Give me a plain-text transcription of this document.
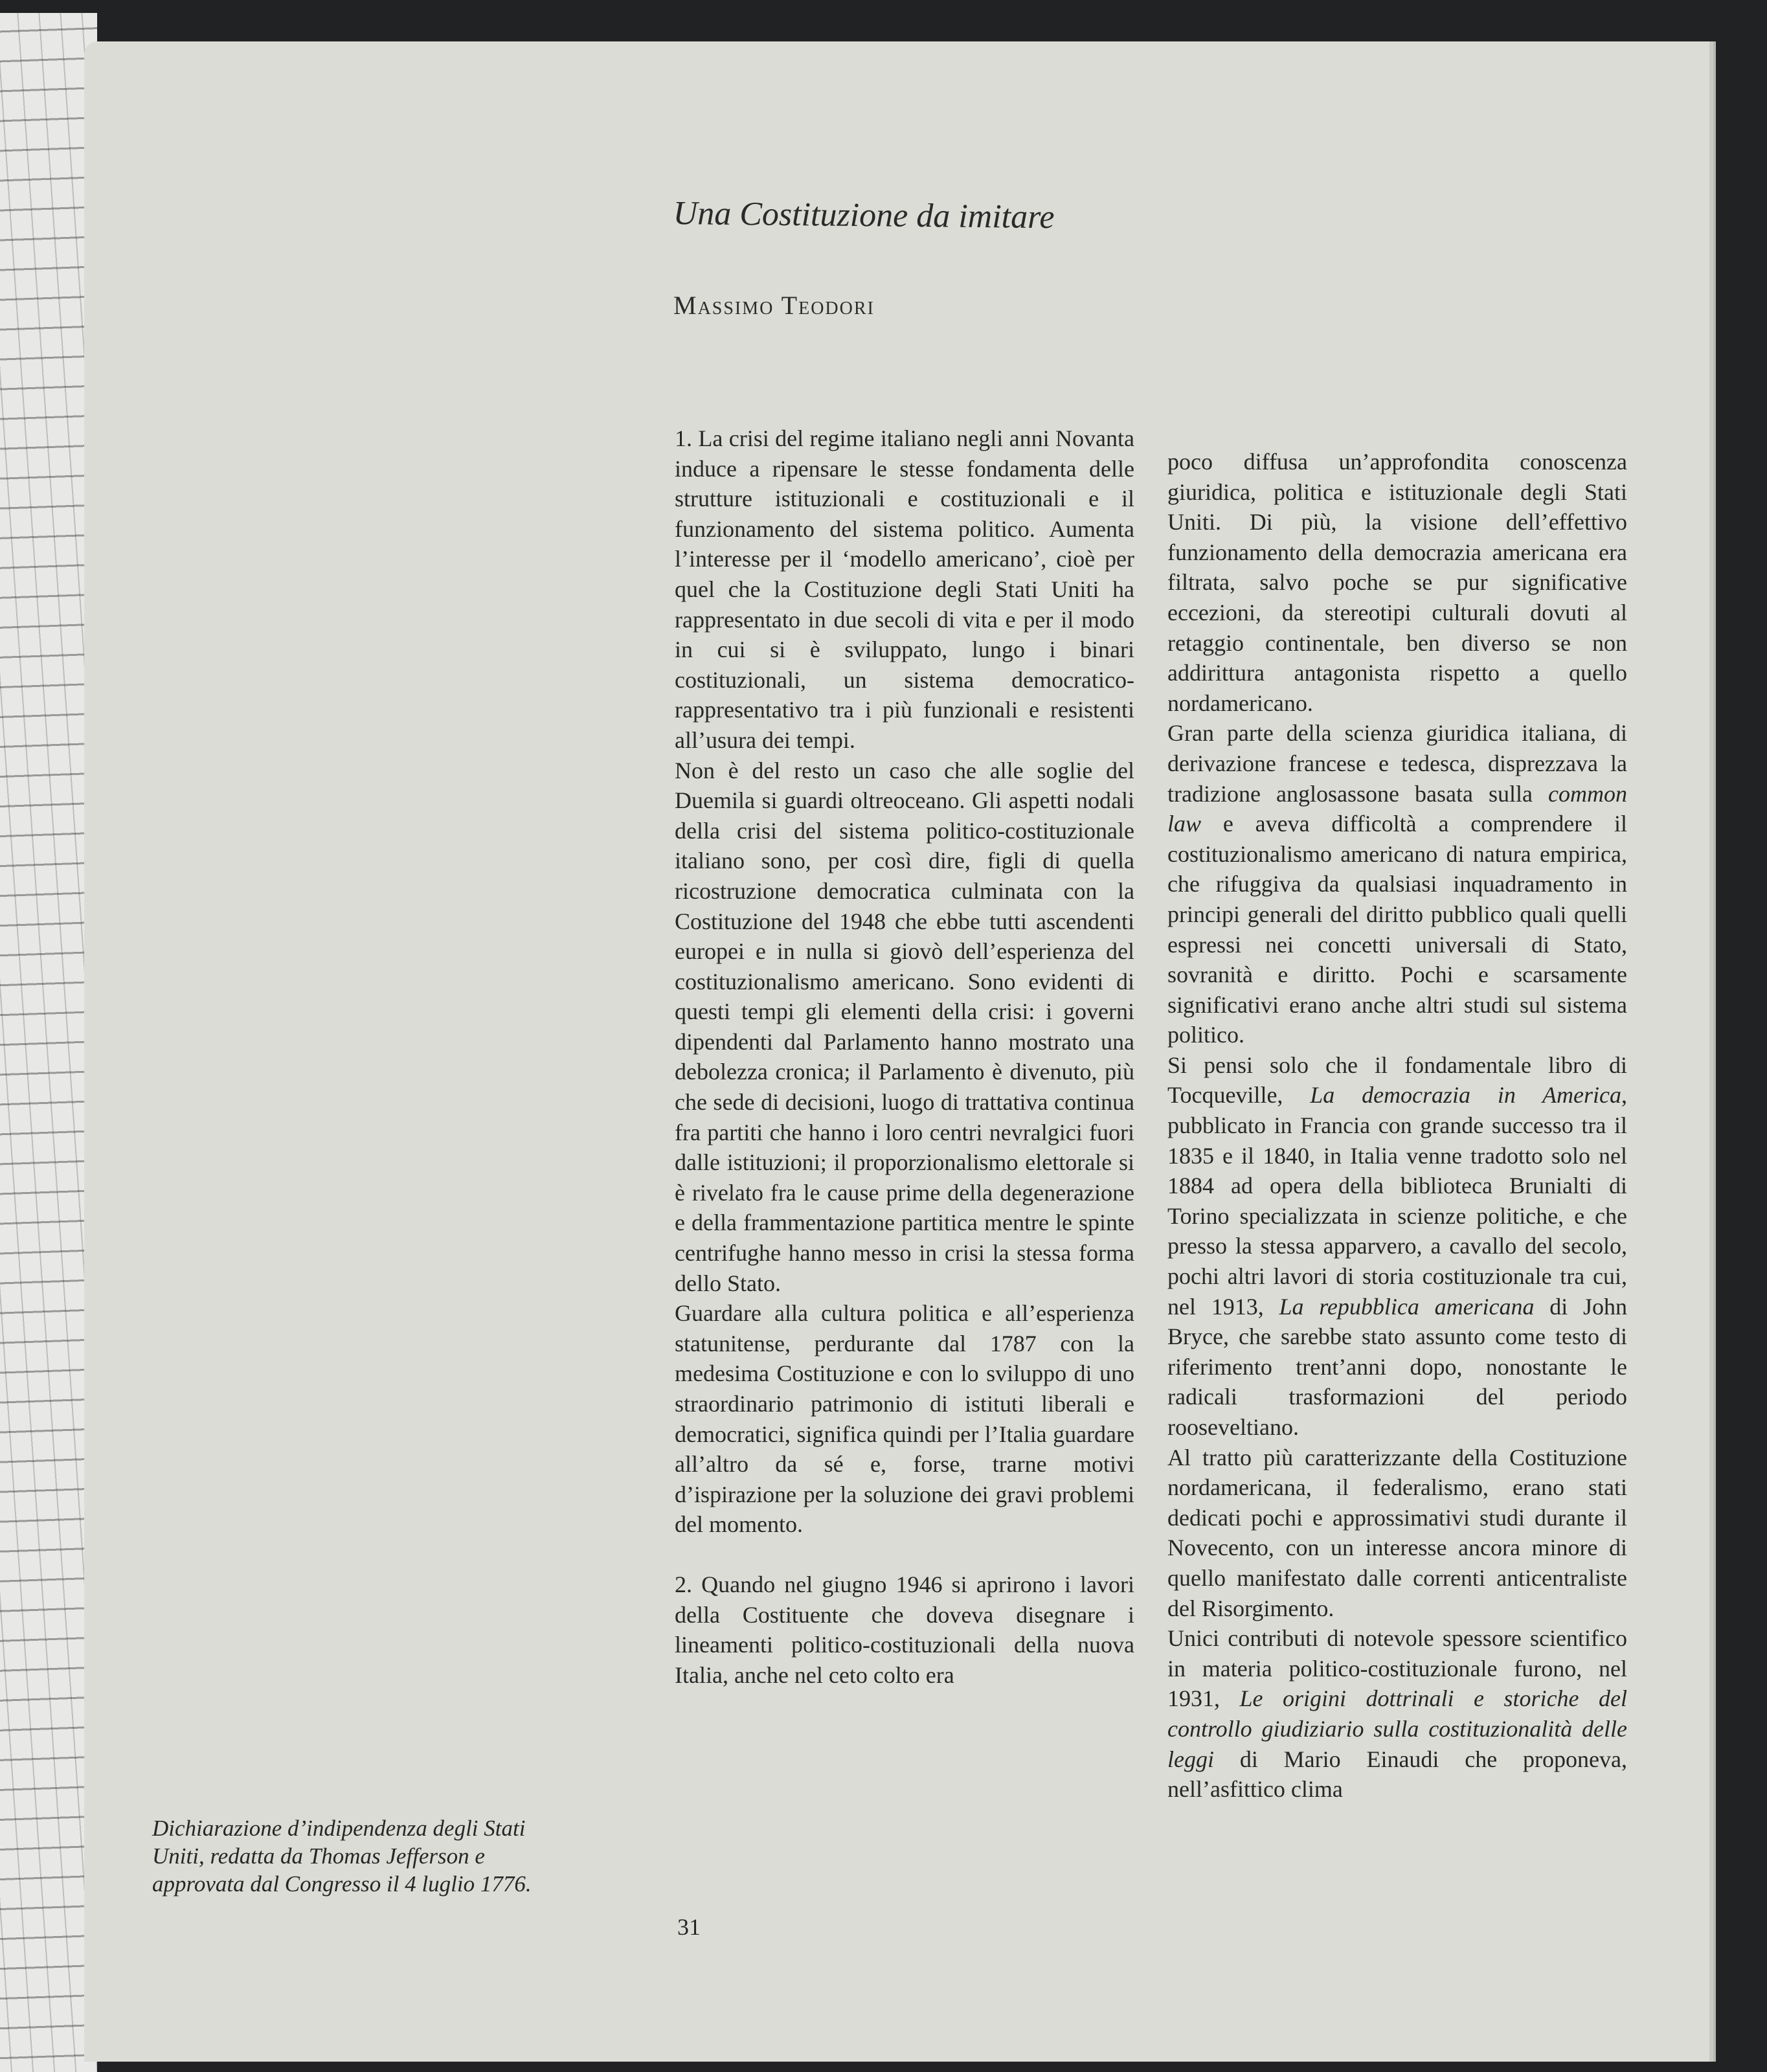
Una Costituzione da imitare
Massimo Teodori

1. La crisi del regime italiano negli anni Novanta induce a ripensare le stesse fondamenta delle strutture istituzionali e costituzionali e il funzionamento del sistema politico. Aumenta l’interesse per il ‘modello americano’, cioè per quel che la Costituzione degli Stati Uniti ha rappresentato in due secoli di vita e per il modo in cui si è sviluppato, lungo i binari costituzionali, un sistema democratico-rappresentativo tra i più funzionali e resistenti all’usura dei tempi.

Non è del resto un caso che alle soglie del Duemila si guardi oltreoceano. Gli aspetti nodali della crisi del sistema politico-costituzionale italiano sono, per così dire, figli di quella ricostruzione democratica culminata con la Costituzione del 1948 che ebbe tutti ascendenti europei e in nulla si giovò dell’esperienza del costituzionalismo americano. Sono evidenti di questi tempi gli elementi della crisi: i governi dipendenti dal Parlamento hanno mostrato una debolezza cronica; il Parlamento è divenuto, più che sede di decisioni, luogo di trattativa continua fra partiti che hanno i loro centri nevralgici fuori dalle istituzioni; il proporzionalismo elettorale si è rivelato fra le cause prime della degenerazione e della frammentazione partitica mentre le spinte centrifughe hanno messo in crisi la stessa forma dello Stato.

Guardare alla cultura politica e all’esperienza statunitense, perdurante dal 1787 con la medesima Costituzione e con lo sviluppo di uno straordinario patrimonio di istituti liberali e democratici, significa quindi per l’Italia guardare all’altro da sé e, forse, trarne motivi d’ispirazione per la soluzione dei gravi problemi del momento.

2. Quando nel giugno 1946 si aprirono i lavori della Costituente che doveva disegnare i lineamenti politico-costituzionali della nuova Italia, anche nel ceto colto era

poco diffusa un’approfondita conoscenza giuridica, politica e istituzionale degli Stati Uniti. Di più, la visione dell’effettivo funzionamento della democrazia americana era filtrata, salvo poche se pur significative eccezioni, da stereotipi culturali dovuti al retaggio continentale, ben diverso se non addirittura antagonista rispetto a quello nordamericano.

Gran parte della scienza giuridica italiana, di derivazione francese e tedesca, disprezzava la tradizione anglosassone basata sulla common law e aveva difficoltà a comprendere il costituzionalismo americano di natura empirica, che rifuggiva da qualsiasi inquadramento in principi generali del diritto pubblico quali quelli espressi nei concetti universali di Stato, sovranità e diritto. Pochi e scarsamente significativi erano anche altri studi sul sistema politico.

Si pensi solo che il fondamentale libro di Tocqueville, La democrazia in America, pubblicato in Francia con grande successo tra il 1835 e il 1840, in Italia venne tradotto solo nel 1884 ad opera della biblioteca Brunialti di Torino specializzata in scienze politiche, e che presso la stessa apparvero, a cavallo del secolo, pochi altri lavori di storia costituzionale tra cui, nel 1913, La repubblica americana di John Bryce, che sarebbe stato assunto come testo di riferimento trent’anni dopo, nonostante le radicali trasformazioni del periodo rooseveltiano.

Al tratto più caratterizzante della Costituzione nordamericana, il federalismo, erano stati dedicati pochi e approssimativi studi durante il Novecento, con un interesse ancora minore di quello manifestato dalle correnti anticentraliste del Risorgimento.

Unici contributi di notevole spessore scientifico in materia politico-costituzionale furono, nel 1931, Le origini dottrinali e storiche del controllo giudiziario sulla costituzionalità delle leggi di Mario Einaudi che proponeva, nell’asfittico clima

Dichiarazione d’indipendenza degli Stati Uniti, redatta da Thomas Jefferson e approvata dal Congresso il 4 luglio 1776.

31
